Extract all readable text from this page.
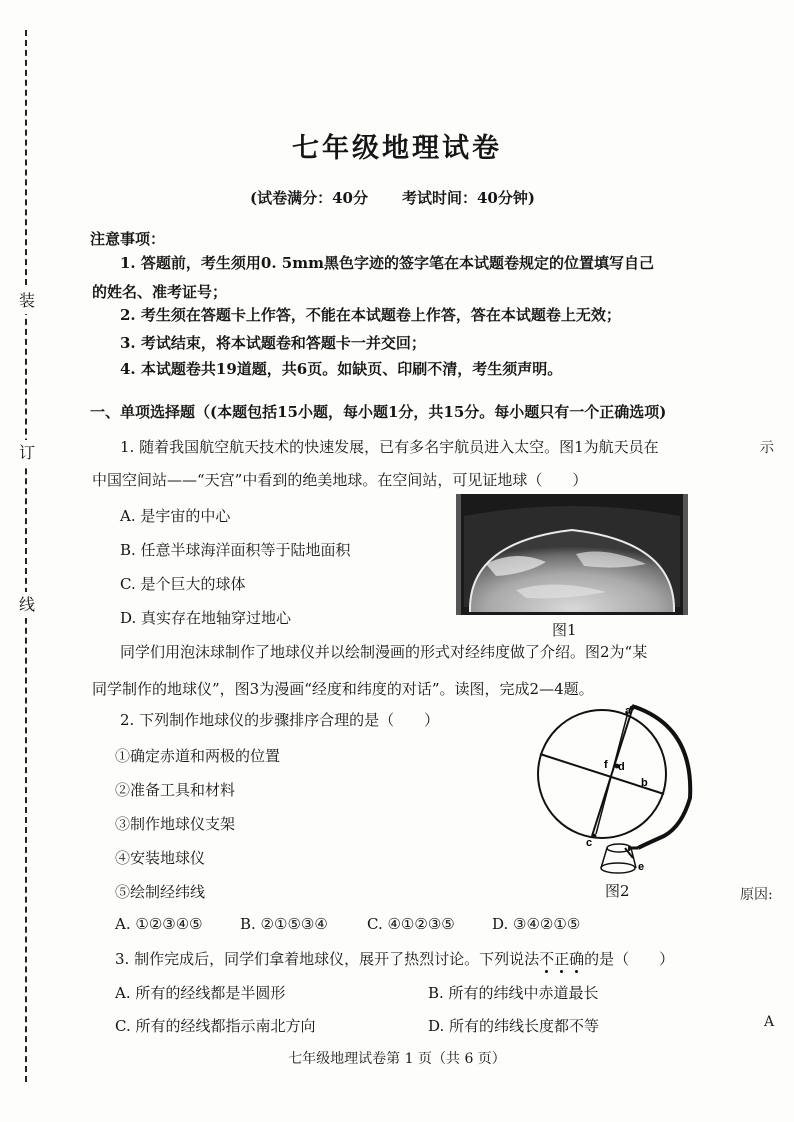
装
订
线
七年级地理试卷
(试卷满分：40分 考试时间：40分钟)
注意事项：
1. 答题前，考生须用0. 5mm黑色字迹的签字笔在本试题卷规定的位置填写自己
的姓名、准考证号；
2. 考生须在答题卡上作答，不能在本试题卷上作答，答在本试题卷上无效；
3. 考试结束，将本试题卷和答题卡一并交回；
4. 本试题卷共19道题，共6页。如缺页、印刷不清，考生须声明。
一、单项选择题（(本题包括15小题，每小题1分，共15分。每小题只有一个正确选项)
1. 随着我国航空航天技术的快速发展，已有多名宇航员进入太空。图1为航天员在
中国空间站——“天宫”中看到的绝美地球。在空间站，可见证地球（　　）
A. 是宇宙的中心
B. 任意半球海洋面积等于陆地面积
C. 是个巨大的球体
D. 真实存在地轴穿过地心
图1
同学们用泡沫球制作了地球仪并以绘制漫画的形式对经纬度做了介绍。图2为“某
同学制作的地球仪”，图3为漫画“经度和纬度的对话”。读图，完成2—4题。
2. 下列制作地球仪的步骤排序合理的是（　　）
①确定赤道和两极的位置
②准备工具和材料
③制作地球仪支架
④安装地球仪
⑤绘制经纬线
A. ①②③④⑤ B. ②①⑤③④	C. ④①②③⑤ D. ③④②①⑤
a
b
c
d
e
f
图2
3. 制作完成后，同学们拿着地球仪，展开了热烈讨论。下列说法不正确的是（　　）
A. 所有的经线都是半圆形	B. 所有的纬线中赤道最长
C. 所有的经线都指示南北方向	D. 所有的纬线长度都不等
七年级地理试卷第 1 页（共 6 页）
示
原因:
A
